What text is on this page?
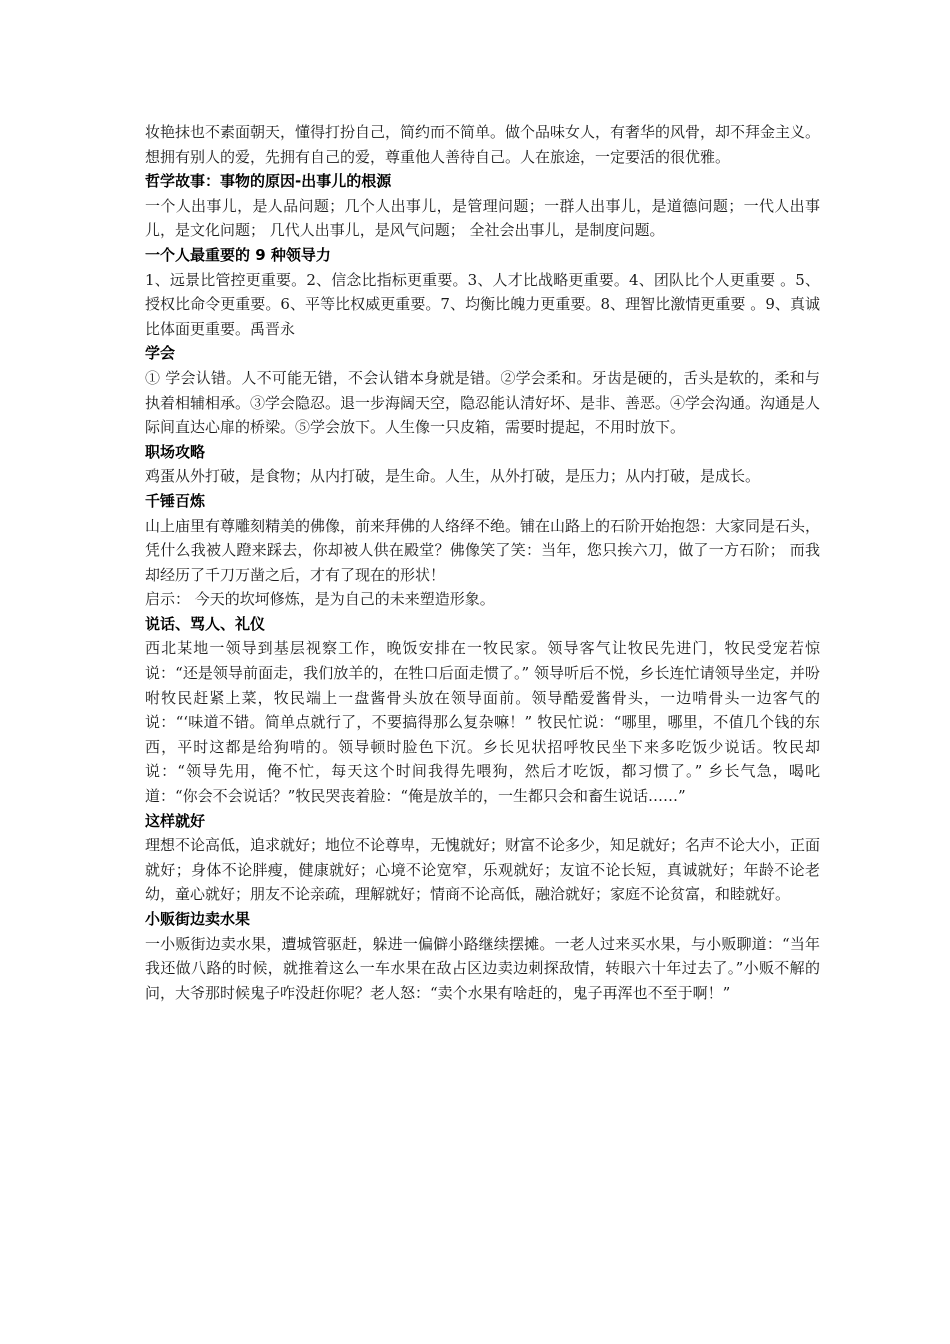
妆艳抹也不素面朝天，懂得打扮自己，简约而不简单。做个品味女人，有奢华的风骨，却不拜金主义。想拥有别人的爱，先拥有自己的爱，尊重他人善待自己。人在旅途，一定要活的很优雅。

哲学故事：事物的原因-出事儿的根源

一个人出事儿，是人品问题；几个人出事儿，是管理问题；一群人出事儿，是道德问题；一代人出事儿，是文化问题； 几代人出事儿，是风气问题； 全社会出事儿，是制度问题。

一个人最重要的 9 种领导力

1、远景比管控更重要。2、信念比指标更重要。3、人才比战略更重要。4、团队比个人更重要 。5、授权比命令更重要。6、平等比权威更重要。7、均衡比魄力更重要。8、理智比激情更重要 。9、真诚比体面更重要。禹晋永

学会

① 学会认错。人不可能无错，不会认错本身就是错。②学会柔和。牙齿是硬的，舌头是软的，柔和与执着相辅相承。③学会隐忍。退一步海阔天空，隐忍能认清好坏、是非、善恶。④学会沟通。沟通是人际间直达心扉的桥梁。⑤学会放下。人生像一只皮箱，需要时提起，不用时放下。

职场攻略

鸡蛋从外打破，是食物；从内打破，是生命。人生，从外打破，是压力；从内打破，是成长。

千锤百炼

山上庙里有尊雕刻精美的佛像，前来拜佛的人络绎不绝。铺在山路上的石阶开始抱怨：大家同是石头，凭什么我被人蹬来踩去，你却被人供在殿堂？佛像笑了笑：当年，您只挨六刀，做了一方石阶； 而我却经历了千刀万凿之后，才有了现在的形状！

启示： 今天的坎坷修炼，是为自己的未来塑造形象。

说话、骂人、礼仪

西北某地一领导到基层视察工作，晚饭安排在一牧民家。领导客气让牧民先进门，牧民受宠若惊说：“还是领导前面走，我们放羊的，在牲口后面走惯了。” 领导听后不悦，乡长连忙请领导坐定，并吩咐牧民赶紧上菜，牧民端上一盘酱骨头放在领导面前。领导酷爱酱骨头，一边啃骨头一边客气的说：“‘味道不错。简单点就行了，不要搞得那么复杂嘛！” 牧民忙说：“哪里，哪里，不值几个钱的东西，平时这都是给狗啃的。领导顿时脸色下沉。乡长见状招呼牧民坐下来多吃饭少说话。牧民却说：“领导先用，俺不忙，每天这个时间我得先喂狗，然后才吃饭，都习惯了。” 乡长气急，喝叱道：“你会不会说话？”牧民哭丧着脸：“俺是放羊的，一生都只会和畜生说话……”

这样就好

理想不论高低，追求就好；地位不论尊卑，无愧就好；财富不论多少，知足就好；名声不论大小，正面就好；身体不论胖瘦，健康就好；心境不论宽窄，乐观就好；友谊不论长短，真诚就好；年龄不论老幼，童心就好；朋友不论亲疏，理解就好；情商不论高低，融洽就好；家庭不论贫富，和睦就好。

小贩街边卖水果

一小贩街边卖水果，遭城管驱赶，躲进一偏僻小路继续摆摊。一老人过来买水果，与小贩聊道：“当年我还做八路的时候，就推着这么一车水果在敌占区边卖边刺探敌情，转眼六十年过去了。”小贩不解的问，大爷那时候鬼子咋没赶你呢？老人怒：“卖个水果有啥赶的，鬼子再浑也不至于啊！”
